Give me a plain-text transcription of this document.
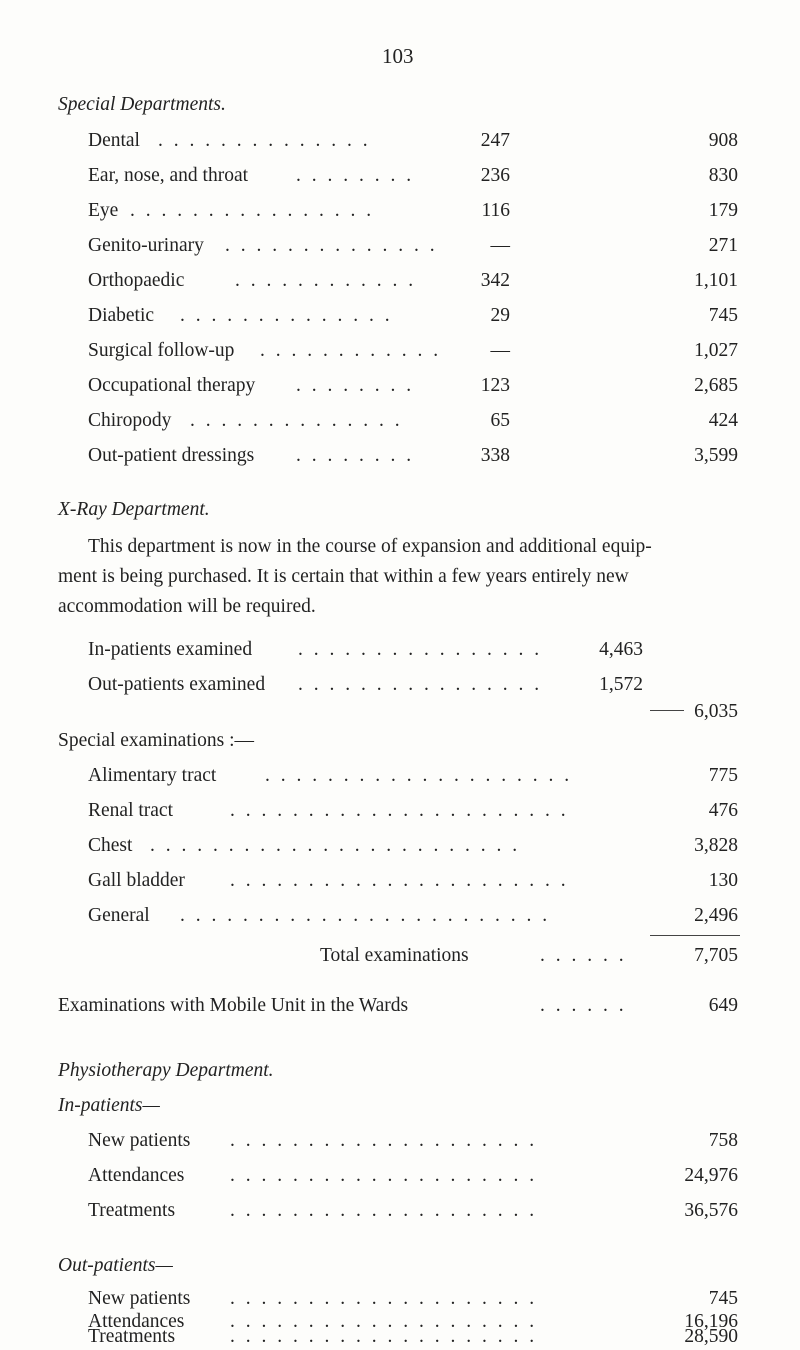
103
Special Departments.
Dental . . . . . . . . . . . . . .	247	908
Ear, nose, and throat . . . . . . . .	236	830
Eye . . . . . . . . . . . . . . . .	116	179
Genito-urinary . . . . . . . . . . . . . .	—	271
Orthopaedic	. . . . . . . . . . . .	342	1,101
Diabetic . . . . . . . . . . . . . .	29	745
Surgical follow-up . . . . . . . . . . . .	—	1,027
Occupational therapy . . . . . . . .	123	2,685
Chiropody . . . . . . . . . . . . . .	65	424
Out-patient dressings . . . . . . . .	338	3,599
X-Ray Department.
This department is now in the course of expansion and additional equip-
ment is being purchased. It is certain that within a few years entirely new
accommodation will be required.
In-patients examined . . . . . . . . . . . . . . . .	4,463
Out-patients examined . . . . . . . . . . . . . . . .	1,572
6,035
Special examinations :—
Alimentary tract . . . . . . . . . . . . . . . . . . . .	775
Renal tract	. . . . . . . . . . . . . . . . . . . . . .	476
Chest . . . . . . . . . . . . . . . . . . . . . . . .	3,828
Gall bladder . . . . . . . . . . . . . . . . . . . . . .	130
General . . . . . . . . . . . . . . . . . . . . . . . .	2,496
Total examinations	. . . . . .	7,705
Examinations with Mobile Unit in the Wards	. . . . . .	649
Physiotherapy Department.
In-patients—
New patients . . . . . . . . . . . . . . . . . . . .	758
Attendances . . . . . . . . . . . . . . . . . . . .	24,976
Treatments	. . . . . . . . . . . . . . . . . . . .	36,576
Out-patients—
New patients . . . . . . . . . . . . . . . . . . . .	745
Attendances . . . . . . . . . . . . . . . . . . . .	16,196
Treatments	. . . . . . . . . . . . . . . . . . . .	28,590
